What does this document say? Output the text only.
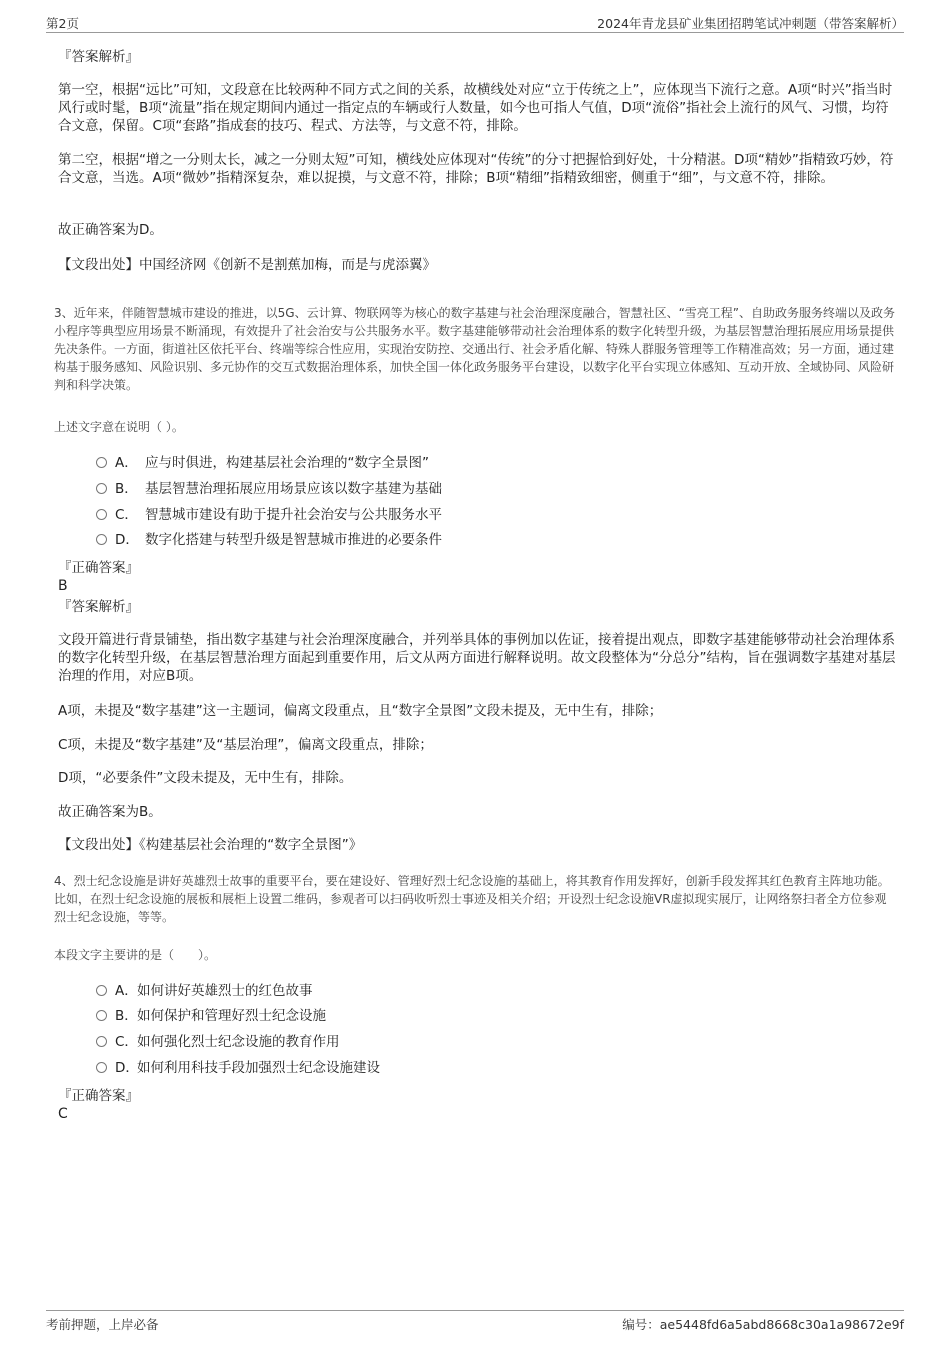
第2页	2024年青龙县矿业集团招聘笔试冲刺题（带答案解析）
『答案解析』
第一空，根据“远比”可知，文段意在比较两种不同方式之间的关系，故横线处对应“立于传统之上”，应体现当下流行之意。A项“时兴”指当时风行或时髦，B项“流量”指在规定期间内通过一指定点的车辆或行人数量，如今也可指人气值，D项“流俗”指社会上流行的风气、习惯，均符合文意，保留。C项“套路”指成套的技巧、程式、方法等，与文意不符，排除。
第二空，根据“增之一分则太长，减之一分则太短”可知，横线处应体现对“传统”的分寸把握恰到好处，十分精湛。D项“精妙”指精致巧妙，符合文意，当选。A项“微妙”指精深复杂，难以捉摸，与文意不符，排除；B项“精细”指精致细密，侧重于“细”，与文意不符，排除。
故正确答案为D。
【文段出处】中国经济网《创新不是割蕉加梅，而是与虎添翼》
3、近年来，伴随智慧城市建设的推进，以5G、云计算、物联网等为核心的数字基建与社会治理深度融合，智慧社区、“雪亮工程”、自助政务服务终端以及政务小程序等典型应用场景不断涌现，有效提升了社会治安与公共服务水平。数字基建能够带动社会治理体系的数字化转型升级，为基层智慧治理拓展应用场景提供先决条件。一方面，街道社区依托平台、终端等综合性应用，实现治安防控、交通出行、社会矛盾化解、特殊人群服务管理等工作精准高效；另一方面，通过建构基于服务感知、风险识别、多元协作的交互式数据治理体系，加快全国一体化政务服务平台建设，以数字化平台实现立体感知、互动开放、全域协同、风险研判和科学决策。
上述文字意在说明（ ）。
A． 应与时俱进，构建基层社会治理的“数字全景图”
B． 基层智慧治理拓展应用场景应该以数字基建为基础
C． 智慧城市建设有助于提升社会治安与公共服务水平
D． 数字化搭建与转型升级是智慧城市推进的必要条件
『正确答案』
B
『答案解析』
文段开篇进行背景铺垫，指出数字基建与社会治理深度融合，并列举具体的事例加以佐证，接着提出观点，即数字基建能够带动社会治理体系的数字化转型升级，在基层智慧治理方面起到重要作用，后文从两方面进行解释说明。故文段整体为“分总分”结构，旨在强调数字基建对基层治理的作用，对应B项。
A项，未提及“数字基建”这一主题词，偏离文段重点，且“数字全景图”文段未提及，无中生有，排除；
C项，未提及“数字基建”及“基层治理”，偏离文段重点，排除；
D项，“必要条件”文段未提及，无中生有，排除。
故正确答案为B。
【文段出处】《构建基层社会治理的“数字全景图”》
4、烈士纪念设施是讲好英雄烈士故事的重要平台，要在建设好、管理好烈士纪念设施的基础上，将其教育作用发挥好，创新手段发挥其红色教育主阵地功能。比如，在烈士纪念设施的展板和展柜上设置二维码，参观者可以扫码收听烈士事迹及相关介绍；开设烈士纪念设施VR虚拟现实展厅，让网络祭扫者全方位参观烈士纪念设施，等等。
本段文字主要讲的是（　　）。
A．如何讲好英雄烈士的红色故事
B．如何保护和管理好烈士纪念设施
C．如何强化烈士纪念设施的教育作用
D．如何利用科技手段加强烈士纪念设施建设
『正确答案』
C
考前押题，上岸必备	编号：ae5448fd6a5abd8668c30a1a98672e9f
